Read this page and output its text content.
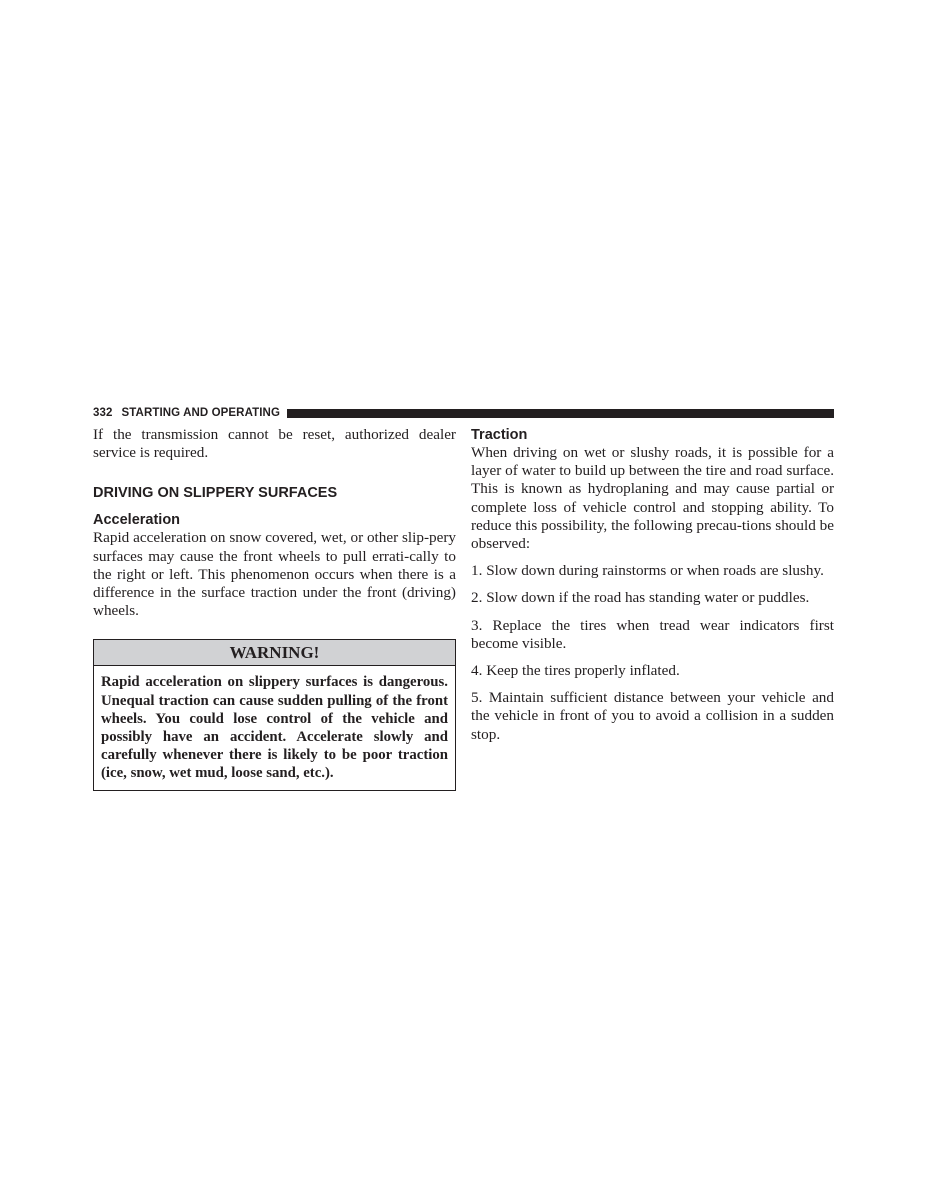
332 STARTING AND OPERATING

If the transmission cannot be reset, authorized dealer service is required.

DRIVING ON SLIPPERY SURFACES
Acceleration

Rapid acceleration on snow covered, wet, or other slip-pery surfaces may cause the front wheels to pull errati-cally to the right or left. This phenomenon occurs when there is a difference in the surface traction under the front (driving) wheels.

WARNING!
Rapid acceleration on slippery surfaces is dangerous. Unequal traction can cause sudden pulling of the front wheels. You could lose control of the vehicle and possibly have an accident. Accelerate slowly and carefully whenever there is likely to be poor traction (ice, snow, wet mud, loose sand, etc.).
Traction

When driving on wet or slushy roads, it is possible for a layer of water to build up between the tire and road surface. This is known as hydroplaning and may cause partial or complete loss of vehicle control and stopping ability. To reduce this possibility, the following precau-tions should be observed:

1. Slow down during rainstorms or when roads are slushy.

2. Slow down if the road has standing water or puddles.

3. Replace the tires when tread wear indicators first become visible.

4. Keep the tires properly inflated.

5. Maintain sufficient distance between your vehicle and the vehicle in front of you to avoid a collision in a sudden stop.
